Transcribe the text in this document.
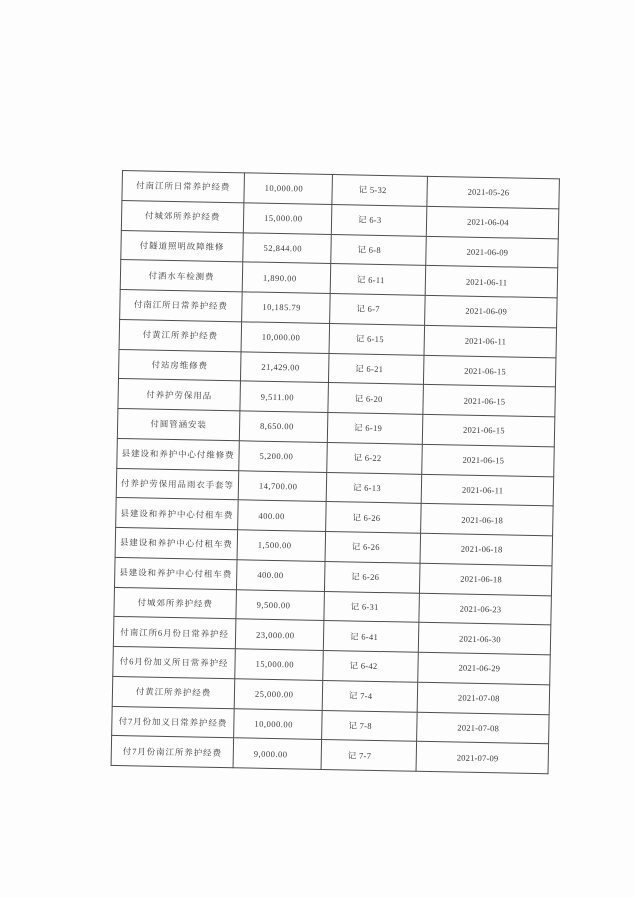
付南江所日常养护经费	10,000.00	记 5-32	2021-05-26
付城郊所养护经费	15,000.00	记 6-3	2021-06-04
付隧道照明故障维修	52,844.00	记 6-8	2021-06-09
付洒水车检测费	1,890.00	记 6-11	2021-06-11
付南江所日常养护经费	10,185.79	记 6-7	2021-06-09
付黄江所养护经费	10,000.00	记 6-15	2021-06-11
付站房维修费	21,429.00	记 6-21	2021-06-15
付养护劳保用品	9,511.00	记 6-20	2021-06-15
付圆管涵安装	8,650.00	记 6-19	2021-06-15
县建设和养护中心付维修费	5,200.00	记 6-22	2021-06-15
付养护劳保用品雨衣手套等	14,700.00	记 6-13	2021-06-11
县建设和养护中心付租车费	400.00	记 6-26	2021-06-18
县建设和养护中心付租车费	1,500.00	记 6-26	2021-06-18
县建设和养护中心付租车费	400.00	记 6-26	2021-06-18
付城郊所养护经费	9,500.00	记 6-31	2021-06-23
付南江所6月份日常养护经	23,000.00	记 6-41	2021-06-30
付6月份加义所日常养护经	15,000.00	记 6-42	2021-06-29
付黄江所养护经费	25,000.00	记 7-4	2021-07-08
付7月份加义日常养护经费	10,000.00	记 7-8	2021-07-08
付7月份南江所养护经费	9,000.00	记 7-7	2021-07-09
